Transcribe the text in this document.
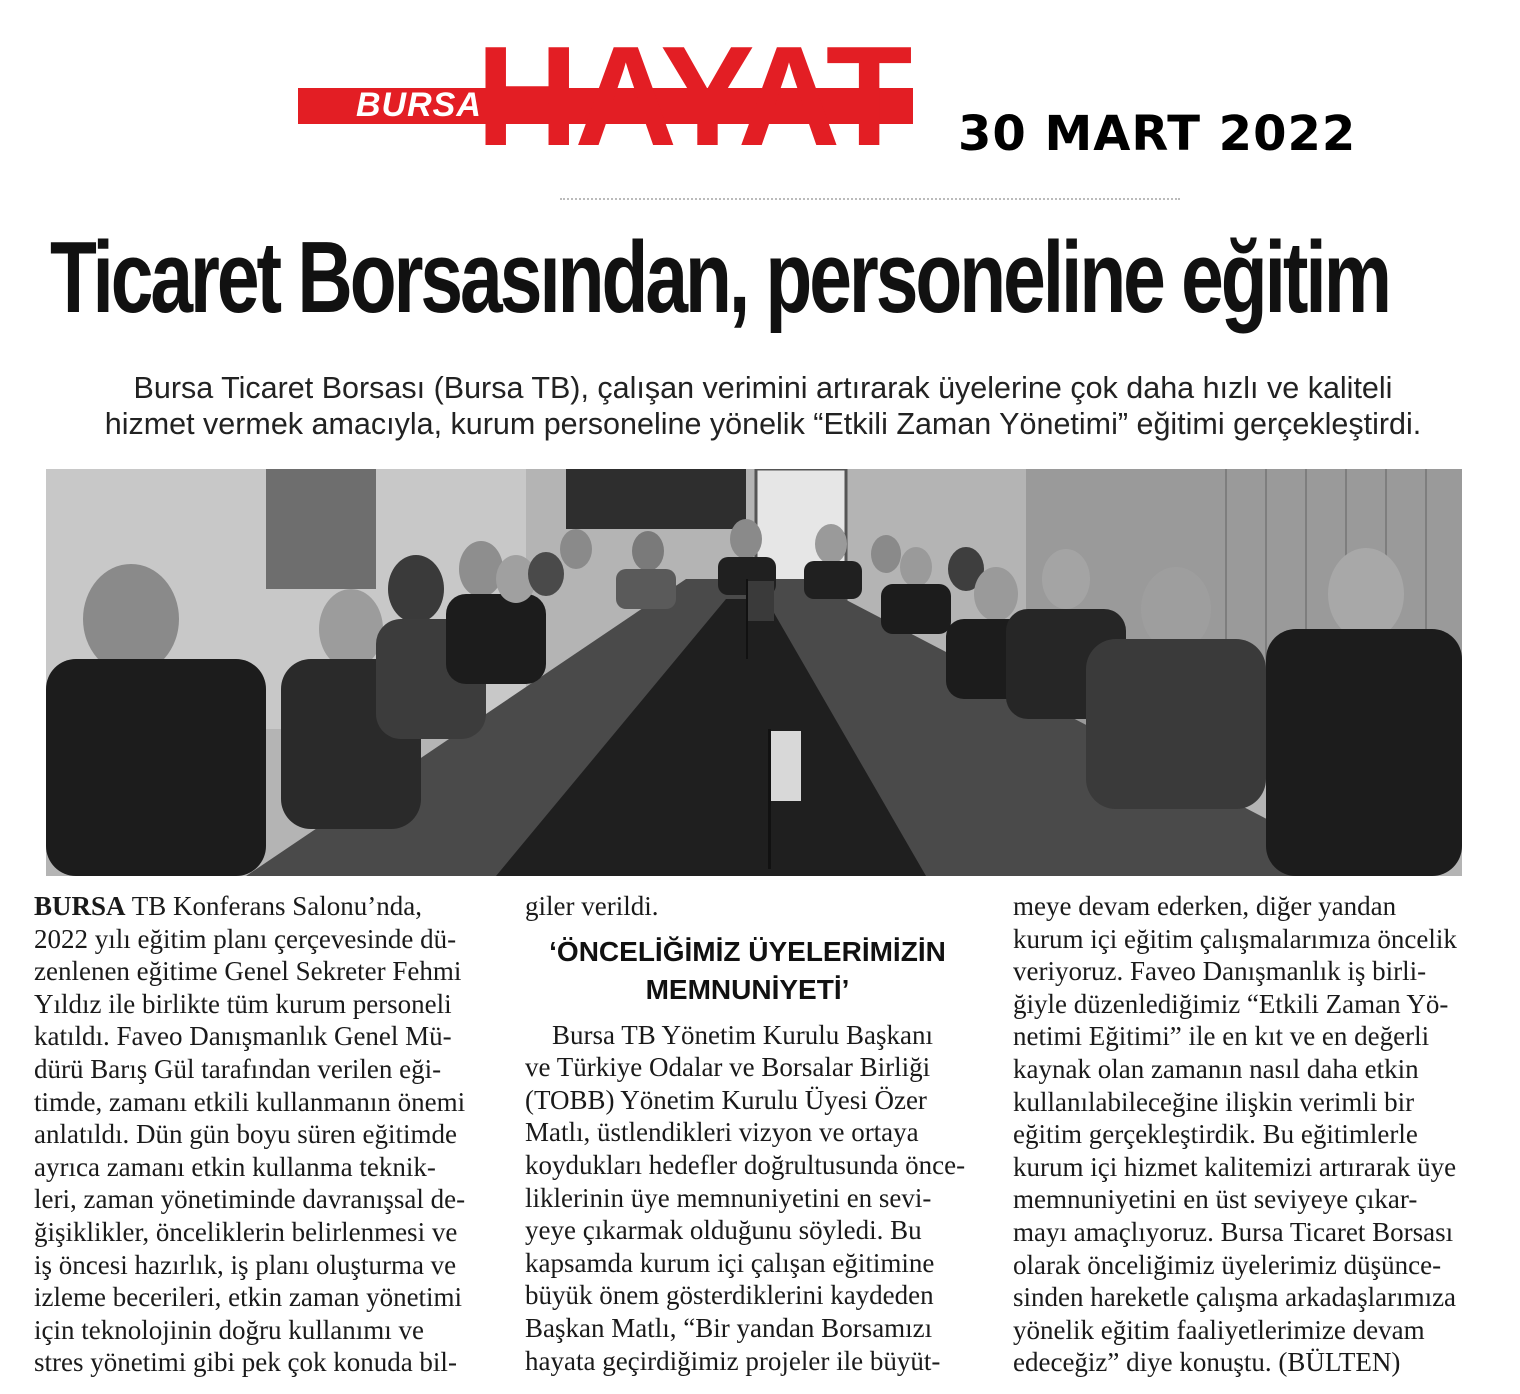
BURSA
HAYAT 30 MART 2022
Ticaret Borsasından, personeline eğitim
Bursa Ticaret Borsası (Bursa TB), çalışan verimini artırarak üyelerine çok daha hızlı ve kaliteli
hizmet vermek amacıyla, kurum personeline yönelik “Etkili Zaman Yönetimi” eğitimi gerçekleştirdi.
BURSA TB Konferans Salonu’nda,
2022 yılı eğitim planı çerçevesinde dü-
zenlenen eğitime Genel Sekreter Fehmi
Yıldız ile birlikte tüm kurum personeli
katıldı. Faveo Danışmanlık Genel Mü-
dürü Barış Gül tarafından verilen eği-
timde, zamanı etkili kullanmanın önemi
anlatıldı. Dün gün boyu süren eğitimde
ayrıca zamanı etkin kullanma teknik-
leri, zaman yönetiminde davranışsal de-
ğişiklikler, önceliklerin belirlenmesi ve
iş öncesi hazırlık, iş planı oluşturma ve
izleme becerileri, etkin zaman yönetimi
için teknolojinin doğru kullanımı ve
stres yönetimi gibi pek çok konuda bil-
giler verildi.
‘ÖNCELİĞİMİZ ÜYELERİMİZİN
MEMNUNİYETİ’
Bursa TB Yönetim Kurulu Başkanı
ve Türkiye Odalar ve Borsalar Birliği
(TOBB) Yönetim Kurulu Üyesi Özer
Matlı, üstlendikleri vizyon ve ortaya
koydukları hedefler doğrultusunda önce-
liklerinin üye memnuniyetini en sevi-
yeye çıkarmak olduğunu söyledi. Bu
kapsamda kurum içi çalışan eğitimine
büyük önem gösterdiklerini kaydeden
Başkan Matlı, “Bir yandan Borsamızı
hayata geçirdiğimiz projeler ile büyüt-
meye devam ederken, diğer yandan
kurum içi eğitim çalışmalarımıza öncelik
veriyoruz. Faveo Danışmanlık iş birli-
ğiyle düzenlediğimiz “Etkili Zaman Yö-
netimi Eğitimi” ile en kıt ve en değerli
kaynak olan zamanın nasıl daha etkin
kullanılabileceğine ilişkin verimli bir
eğitim gerçekleştirdik. Bu eğitimlerle
kurum içi hizmet kalitemizi artırarak üye
memnuniyetini en üst seviyeye çıkar-
mayı amaçlıyoruz. Bursa Ticaret Borsası
olarak önceliğimiz üyelerimiz düşünce-
sinden hareketle çalışma arkadaşlarımıza
yönelik eğitim faaliyetlerimize devam
edeceğiz” diye konuştu. (BÜLTEN)
